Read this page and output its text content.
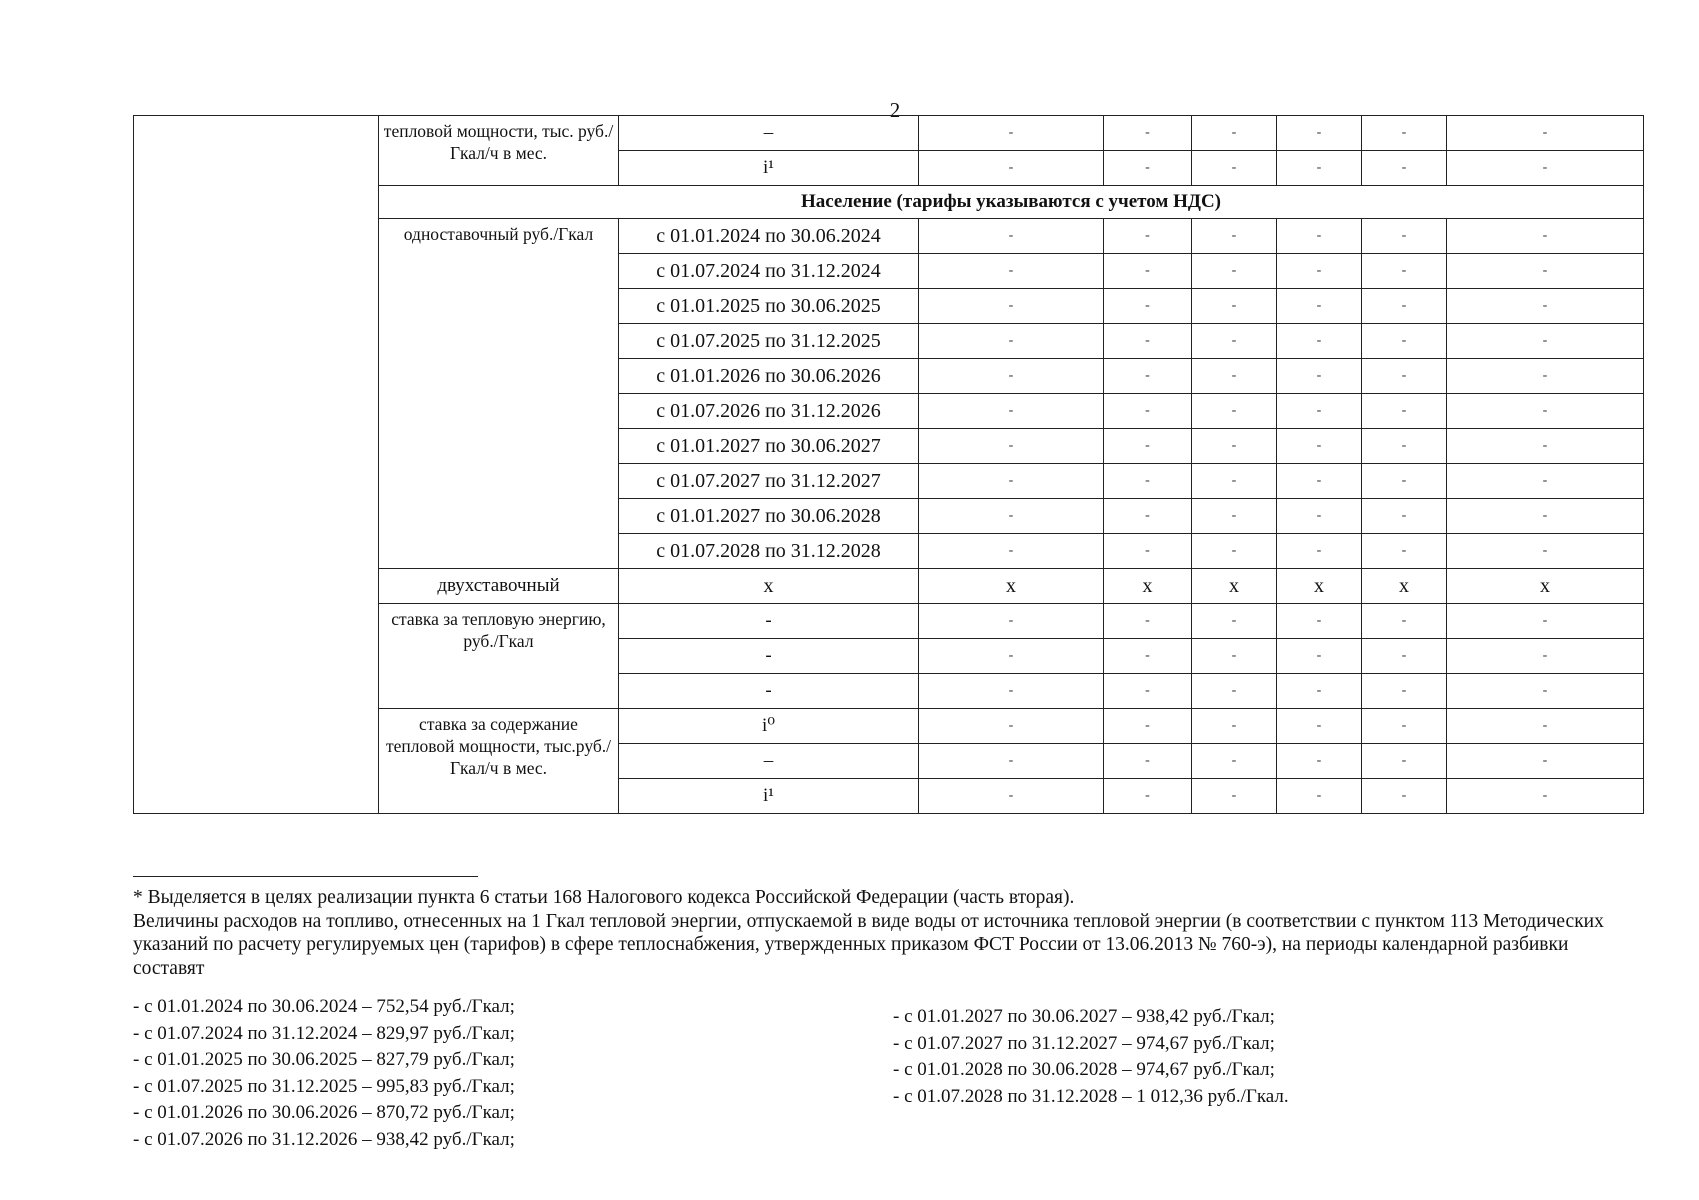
2
	тепловой мощности, тыс. руб./Гкал/ч в мес.	–	-	-	-	-	-	-
		i¹	-	-	-	-	-	-
	Население (тарифы указываются с учетом НДС)							
	одноставочный руб./Гкал	с 01.01.2024 по 30.06.2024	-	-	-	-	-	-
		с 01.07.2024 по 31.12.2024	-	-	-	-	-	-
		с 01.01.2025 по 30.06.2025	-	-	-	-	-	-
		с 01.07.2025 по 31.12.2025	-	-	-	-	-	-
		с 01.01.2026 по 30.06.2026	-	-	-	-	-	-
		с 01.07.2026 по 31.12.2026	-	-	-	-	-	-
		с 01.01.2027 по 30.06.2027	-	-	-	-	-	-
		с 01.07.2027 по 31.12.2027	-	-	-	-	-	-
		с 01.01.2027 по 30.06.2028	-	-	-	-	-	-
		с 01.07.2028 по 31.12.2028	-	-	-	-	-	-
	двухставочный	х	х	х	х	х	х	х
	ставка за тепловую энергию, руб./Гкал	-	-	-	-	-	-	-
		-	-	-	-	-	-	-
		-	-	-	-	-	-	-
	ставка за содержание тепловой мощности, тыс.руб./Гкал/ч в мес.	i⁰	-	-	-	-	-	-
		–	-	-	-	-	-	-
		i¹	-	-	-	-	-	-

* Выделяется в целях реализации пункта 6 статьи 168 Налогового кодекса Российской Федерации (часть вторая).

Величины расходов на топливо, отнесенных на 1 Гкал тепловой энергии, отпускаемой в виде воды от источника тепловой энергии (в соответствии с пунктом 113 Методических указаний по расчету регулируемых цен (тарифов) в сфере теплоснабжения, утвержденных приказом ФСТ России от 13.06.2013 № 760-э), на периоды календарной разбивки составят

- с 01.01.2024 по 30.06.2024 – 752,54 руб./Гкал;
- с 01.07.2024 по 31.12.2024 – 829,97 руб./Гкал;
- с 01.01.2025 по 30.06.2025 – 827,79 руб./Гкал;
- с 01.07.2025 по 31.12.2025 – 995,83 руб./Гкал;
- с 01.01.2026 по 30.06.2026 – 870,72 руб./Гкал;
- с 01.07.2026 по 31.12.2026 – 938,42 руб./Гкал;
- с 01.01.2027 по 30.06.2027 – 938,42 руб./Гкал;
- с 01.07.2027 по 31.12.2027 – 974,67 руб./Гкал;
- с 01.01.2028 по 30.06.2028 – 974,67 руб./Гкал;
- с 01.07.2028 по 31.12.2028 – 1 012,36 руб./Гкал.
